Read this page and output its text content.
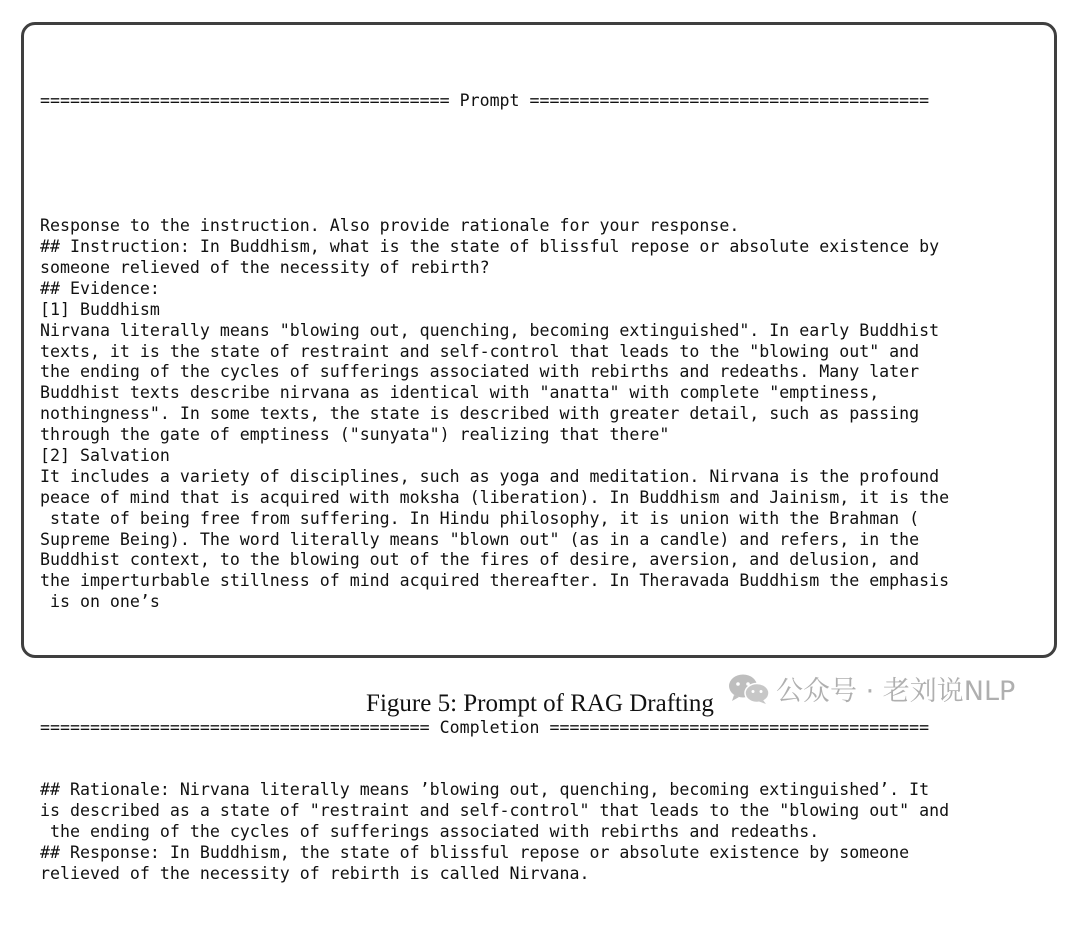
========================================= Prompt ========================================

Response to the instruction. Also provide rationale for your response.
## Instruction: In Buddhism, what is the state of blissful repose or absolute existence by
someone relieved of the necessity of rebirth?
## Evidence:
[1] Buddhism
Nirvana literally means "blowing out, quenching, becoming extinguished". In early Buddhist
texts, it is the state of restraint and self-control that leads to the "blowing out" and
the ending of the cycles of sufferings associated with rebirths and redeaths. Many later
Buddhist texts describe nirvana as identical with "anatta" with complete "emptiness,
nothingness". In some texts, the state is described with greater detail, such as passing
through the gate of emptiness ("sunyata") realizing that there"
[2] Salvation
It includes a variety of disciplines, such as yoga and meditation. Nirvana is the profound
peace of mind that is acquired with moksha (liberation). In Buddhism and Jainism, it is the
state of being free from suffering. In Hindu philosophy, it is union with the Brahman (
Supreme Being). The word literally means "blown out" (as in a candle) and refers, in the
Buddhist context, to the blowing out of the fires of desire, aversion, and delusion, and
the imperturbable stillness of mind acquired thereafter. In Theravada Buddhism the emphasis
is on one’s

======================================= Completion ======================================

## Rationale: Nirvana literally means ’blowing out, quenching, becoming extinguished’. It
is described as a state of "restraint and self-control" that leads to the "blowing out" and
the ending of the cycles of sufferings associated with rebirths and redeaths.
## Response: In Buddhism, the state of blissful repose or absolute existence by someone
relieved of the necessity of rebirth is called Nirvana.

公众号 · 老刘说NLP
Figure 5: Prompt of RAG Drafting
